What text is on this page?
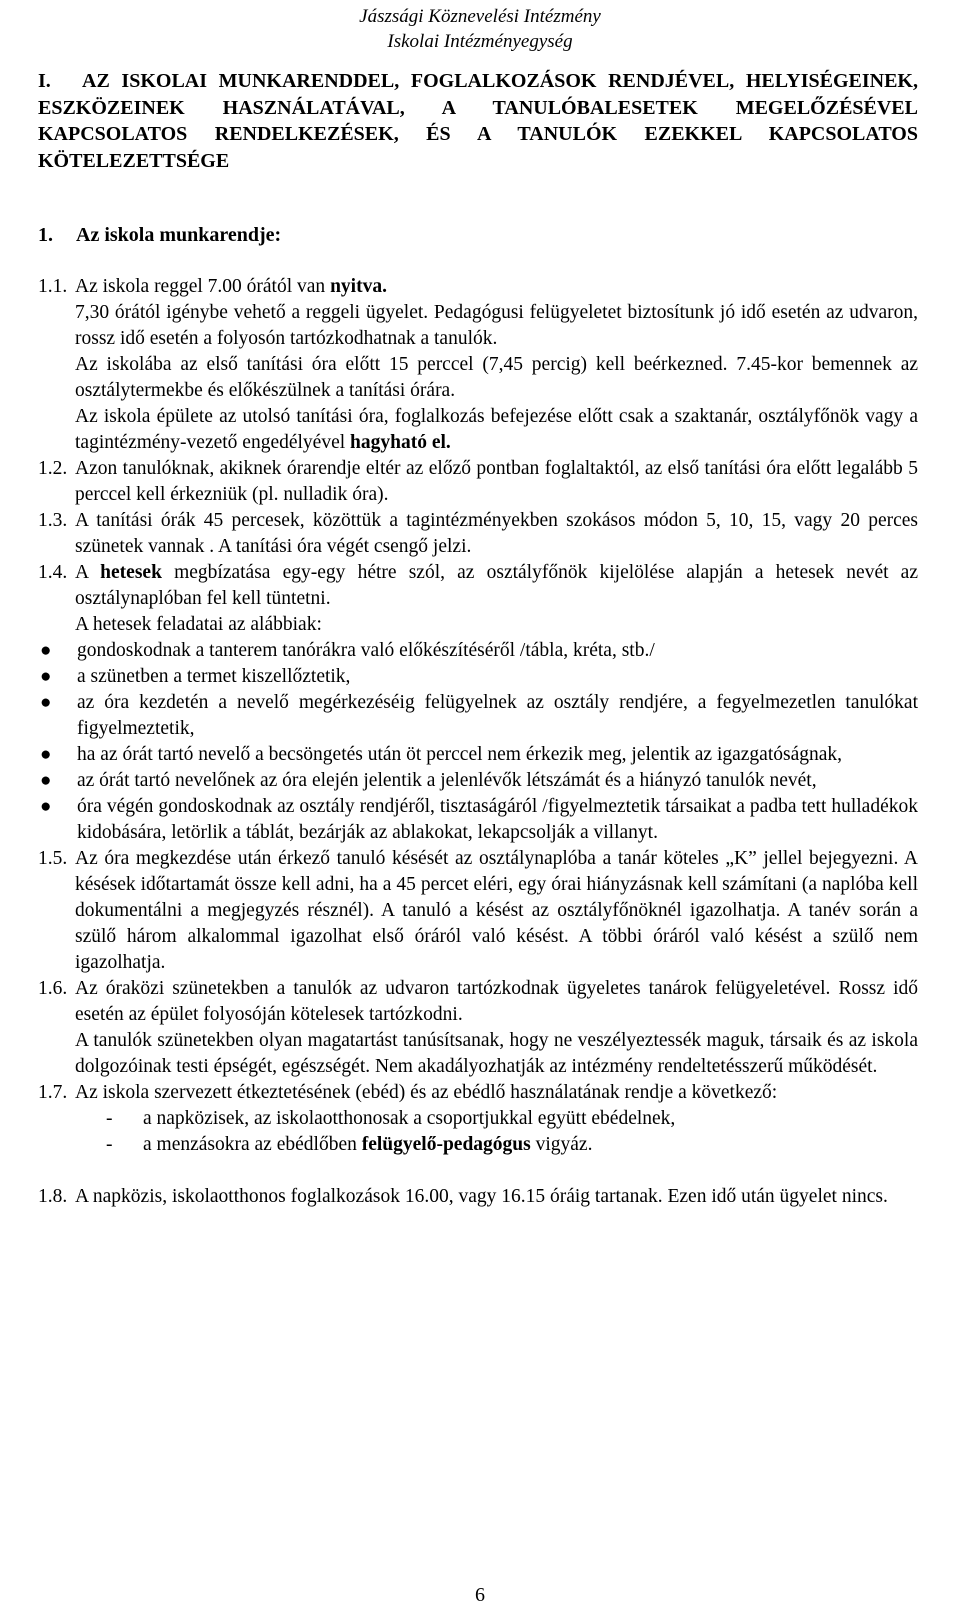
Jászsági Köznevelési Intézmény
Iskolai Intézményegység
I. AZ ISKOLAI MUNKARENDDEL, FOGLALKOZÁSOK RENDJÉVEL, HELYISÉGEINEK, ESZKÖZEINEK HASZNÁLATÁVAL, A TANULÓBALESETEK MEGELŐZÉSÉVEL KAPCSOLATOS RENDELKEZÉSEK, ÉS A TANULÓK EZEKKEL KAPCSOLATOS KÖTELEZETTSÉGE
1. Az iskola munkarendje:
1.1. Az iskola reggel 7.00 órától van nyitva.
7,30 órától igénybe vehető a reggeli ügyelet. Pedagógusi felügyeletet biztosítunk jó idő esetén az udvaron, rossz idő esetén a folyosón tartózkodhatnak a tanulók.
Az iskolába az első tanítási óra előtt 15 perccel (7,45 percig) kell beérkezned. 7.45-kor bemennek az osztálytermekbe és előkészülnek a tanítási órára.
Az iskola épülete az utolsó tanítási óra, foglalkozás befejezése előtt csak a szaktanár, osztályfőnök vagy a tagintézmény-vezető engedélyével hagyható el.
1.2. Azon tanulóknak, akiknek órarendje eltér az előző pontban foglaltaktól, az első tanítási óra előtt legalább 5 perccel kell érkezniük (pl. nulladik óra).
1.3. A tanítási órák 45 percesek, közöttük a tagintézményekben szokásos módon 5, 10, 15, vagy 20 perces szünetek vannak . A tanítási óra végét csengő jelzi.
1.4. A hetesek megbízatása egy-egy hétre szól, az osztályfőnök kijelölése alapján a hetesek nevét az osztálynaplóban fel kell tüntetni.
A hetesek feladatai az alábbiak:
●	gondoskodnak a tanterem tanórákra való előkészítéséről /tábla, kréta, stb./
●	a szünetben a termet kiszellőztetik,
●	az óra kezdetén a nevelő megérkezéséig felügyelnek az osztály rendjére, a fegyelmezetlen tanulókat figyelmeztetik,
●	ha az órát tartó nevelő a becsöngetés után öt perccel nem érkezik meg, jelentik az igazgatóságnak,
●	az órát tartó nevelőnek az óra elején jelentik a jelenlévők létszámát és a hiányzó tanulók nevét,
●	óra végén gondoskodnak az osztály rendjéről, tisztaságáról /figyelmeztetik társaikat a padba tett hulladékok kidobására, letörlik a táblát, bezárják az ablakokat, lekapcsolják a villanyt.
1.5. Az óra megkezdése után érkező tanuló késését az osztálynaplóba a tanár köteles „K” jellel bejegyezni. A késések időtartamát össze kell adni, ha a 45 percet eléri, egy órai hiányzásnak kell számítani (a naplóba kell dokumentálni a megjegyzés résznél). A tanuló a késést az osztályfőnöknél igazolhatja. A tanév során a szülő három alkalommal igazolhat első óráról való késést. A többi óráról való késést a szülő nem igazolhatja.
1.6. Az óraközi szünetekben a tanulók az udvaron tartózkodnak ügyeletes tanárok felügyeletével. Rossz idő esetén az épület folyosóján kötelesek tartózkodni.
A tanulók szünetekben olyan magatartást tanúsítsanak, hogy ne veszélyeztessék maguk, társaik és az iskola dolgozóinak testi épségét, egészségét. Nem akadályozhatják az intézmény rendeltetésszerű működését.
1.7. Az iskola szervezett étkeztetésének (ebéd) és az ebédlő használatának rendje a következő:
-	a napközisek, az iskolaotthonosak a csoportjukkal együtt ebédelnek,
-	a menzásokra az ebédlőben felügyelő-pedagógus vigyáz.
1.8. A napközis, iskolaotthonos foglalkozások 16.00, vagy 16.15 óráig tartanak. Ezen idő után ügyelet nincs.
6
